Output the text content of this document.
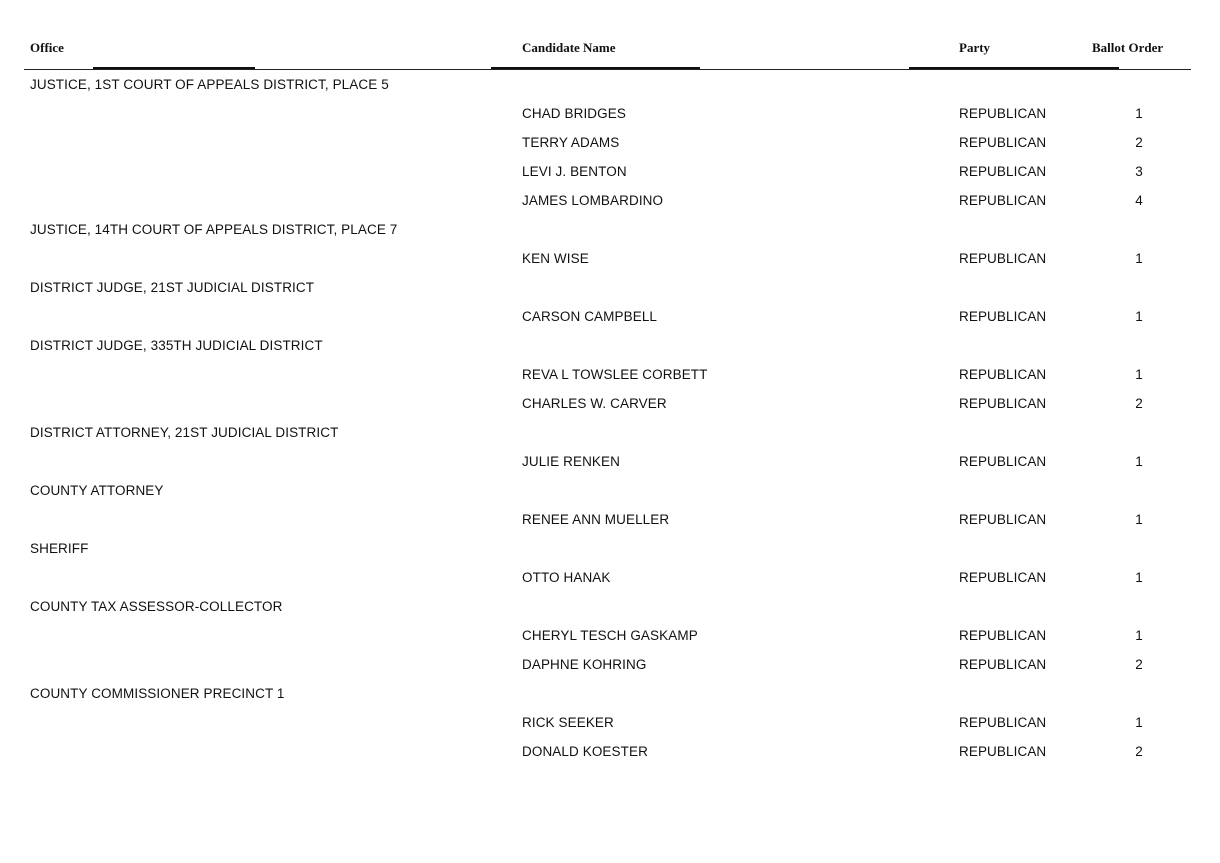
Office	Candidate Name	Party	Ballot Order
JUSTICE, 1ST COURT OF APPEALS DISTRICT, PLACE 5
CHAD BRIDGES	REPUBLICAN	1
TERRY ADAMS	REPUBLICAN	2
LEVI J. BENTON	REPUBLICAN	3
JAMES LOMBARDINO	REPUBLICAN	4
JUSTICE, 14TH COURT OF APPEALS DISTRICT, PLACE 7
KEN WISE	REPUBLICAN	1
DISTRICT JUDGE, 21ST JUDICIAL DISTRICT
CARSON CAMPBELL	REPUBLICAN	1
DISTRICT JUDGE, 335TH JUDICIAL DISTRICT
REVA L TOWSLEE CORBETT	REPUBLICAN	1
CHARLES W. CARVER	REPUBLICAN	2
DISTRICT ATTORNEY, 21ST JUDICIAL DISTRICT
JULIE RENKEN	REPUBLICAN	1
COUNTY ATTORNEY
RENEE ANN MUELLER	REPUBLICAN	1
SHERIFF
OTTO HANAK	REPUBLICAN	1
COUNTY TAX ASSESSOR-COLLECTOR
CHERYL TESCH GASKAMP	REPUBLICAN	1
DAPHNE KOHRING	REPUBLICAN	2
COUNTY COMMISSIONER PRECINCT 1
RICK SEEKER	REPUBLICAN	1
DONALD KOESTER	REPUBLICAN	2
